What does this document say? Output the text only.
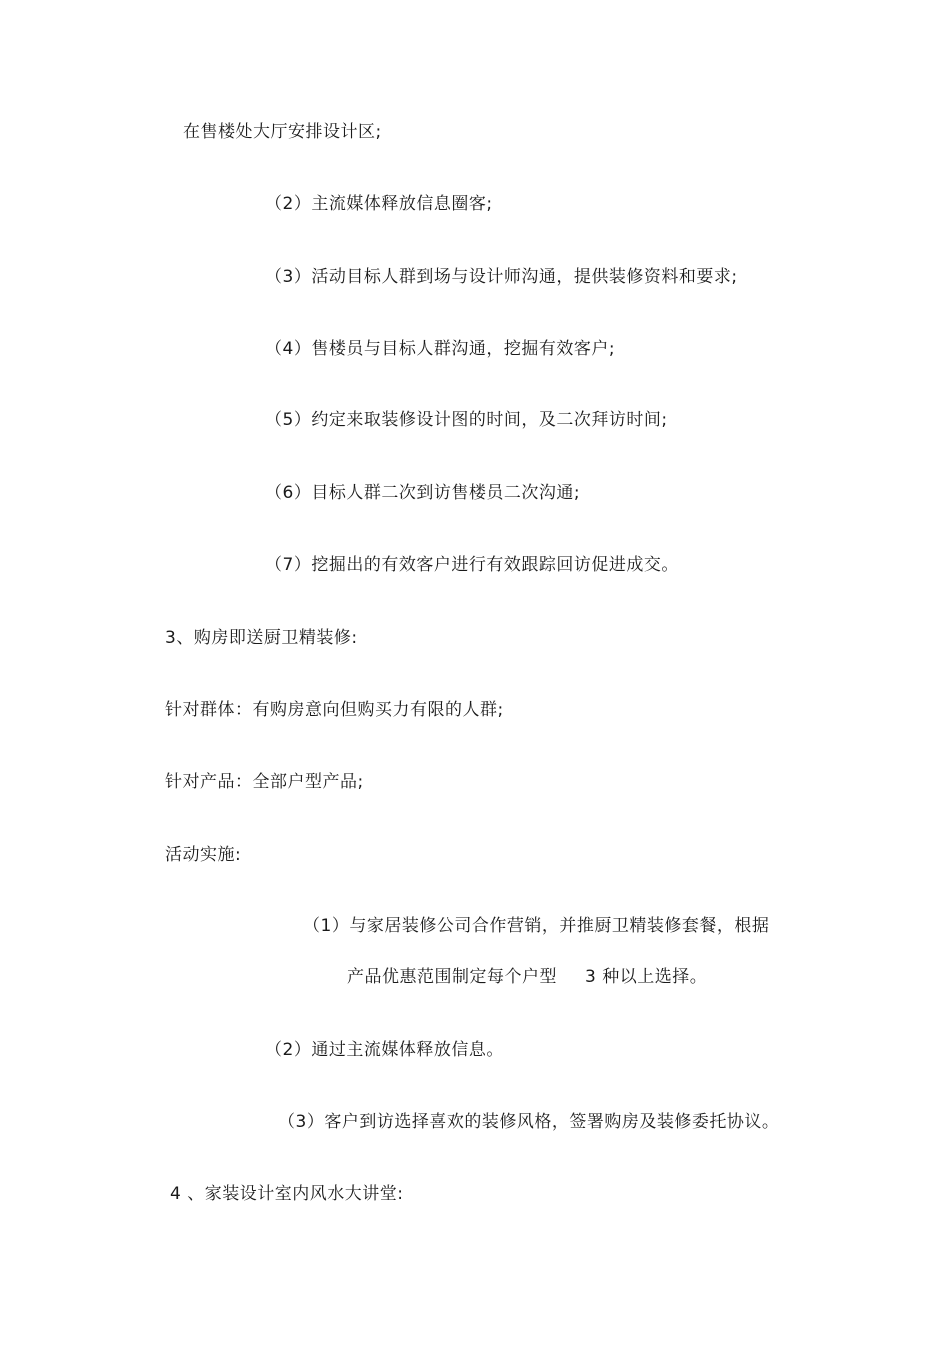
在售楼处大厅安排设计区;
（2）主流媒体释放信息圈客;
（3）活动目标人群到场与设计师沟通，提供装修资料和要求;
（4）售楼员与目标人群沟通，挖掘有效客户;
（5）约定来取装修设计图的时间，及二次拜访时间;
（6）目标人群二次到访售楼员二次沟通;
（7）挖掘出的有效客户进行有效跟踪回访促进成交。
3、购房即送厨卫精装修:
针对群体：有购房意向但购买力有限的人群;
针对产品：全部户型产品;
活动实施:
（1）与家居装修公司合作营销，并推厨卫精装修套餐，根据
产品优惠范围制定每个户型 3 种以上选择。
（2）通过主流媒体释放信息。
（3）客户到访选择喜欢的装修风格，签署购房及装修委托协议。
4 、家装设计室内风水大讲堂:
